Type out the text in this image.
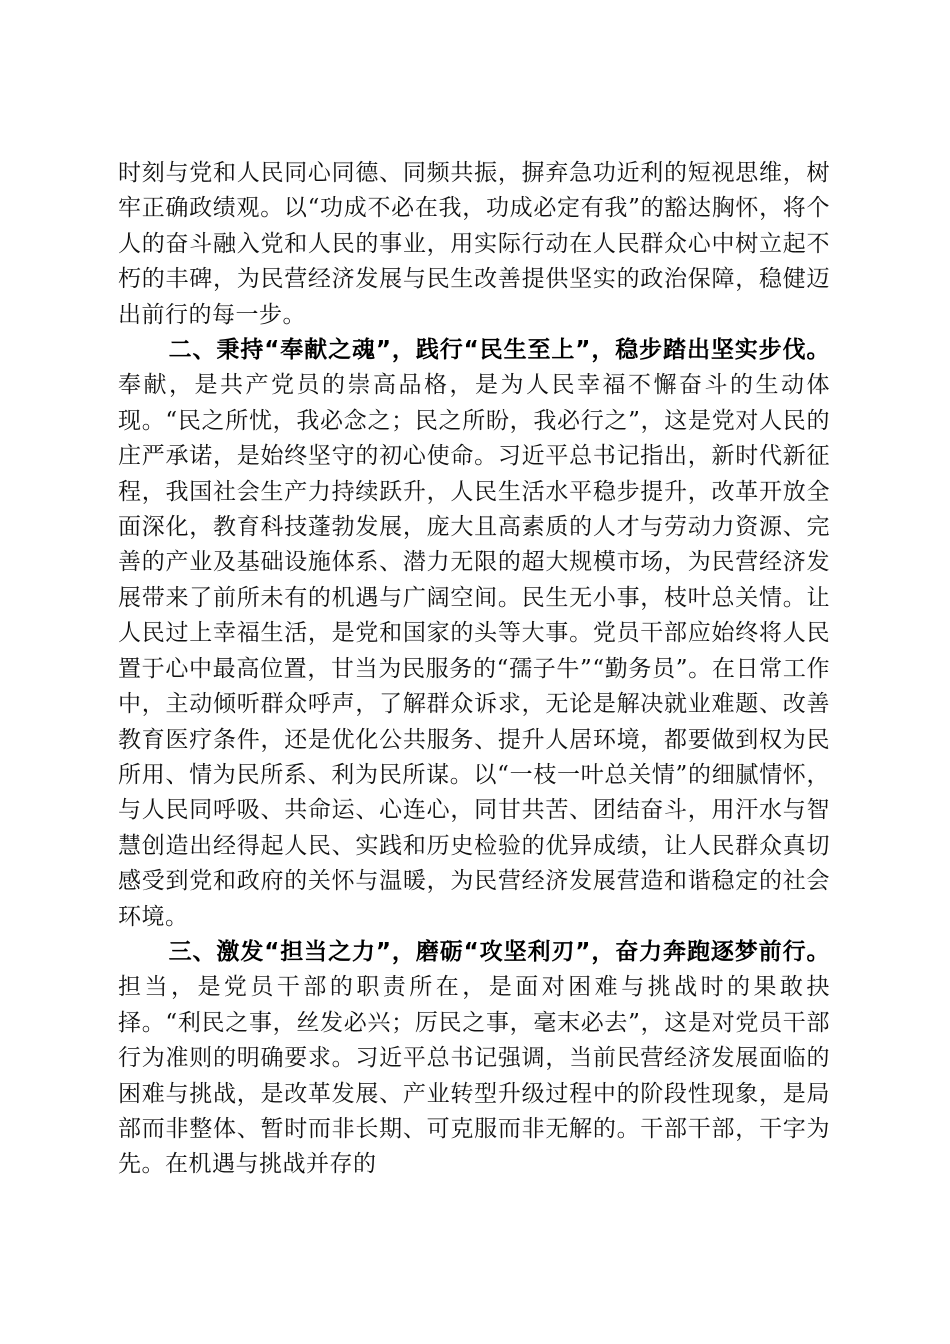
时刻与党和人民同心同德、同频共振，摒弃急功近利的短视思维，树牢正确政绩观。以“功成不必在我，功成必定有我”的豁达胸怀，将个人的奋斗融入党和人民的事业，用实际行动在人民群众心中树立起不朽的丰碑，为民营经济发展与民生改善提供坚实的政治保障，稳健迈出前行的每一步。

二、秉持“奉献之魂”，践行“民生至上”，稳步踏出坚实步伐。奉献，是共产党员的崇高品格，是为人民幸福不懈奋斗的生动体现。“民之所忧，我必念之；民之所盼，我必行之”，这是党对人民的庄严承诺，是始终坚守的初心使命。习近平总书记指出，新时代新征程，我国社会生产力持续跃升，人民生活水平稳步提升，改革开放全面深化，教育科技蓬勃发展，庞大且高素质的人才与劳动力资源、完善的产业及基础设施体系、潜力无限的超大规模市场，为民营经济发展带来了前所未有的机遇与广阔空间。民生无小事，枝叶总关情。让人民过上幸福生活，是党和国家的头等大事。党员干部应始终将人民置于心中最高位置，甘当为民服务的“孺子牛”“勤务员”。在日常工作中，主动倾听群众呼声，了解群众诉求，无论是解决就业难题、改善教育医疗条件，还是优化公共服务、提升人居环境，都要做到权为民所用、情为民所系、利为民所谋。以“一枝一叶总关情”的细腻情怀，与人民同呼吸、共命运、心连心，同甘共苦、团结奋斗，用汗水与智慧创造出经得起人民、实践和历史检验的优异成绩，让人民群众真切感受到党和政府的关怀与温暖，为民营经济发展营造和谐稳定的社会环境。

三、激发“担当之力”，磨砺“攻坚利刃”，奋力奔跑逐梦前行。担当，是党员干部的职责所在，是面对困难与挑战时的果敢抉择。“利民之事，丝发必兴；厉民之事，毫末必去”，这是对党员干部行为准则的明确要求。习近平总书记强调，当前民营经济发展面临的困难与挑战，是改革发展、产业转型升级过程中的阶段性现象，是局部而非整体、暂时而非长期、可克服而非无解的。干部干部，干字为先。在机遇与挑战并存的
